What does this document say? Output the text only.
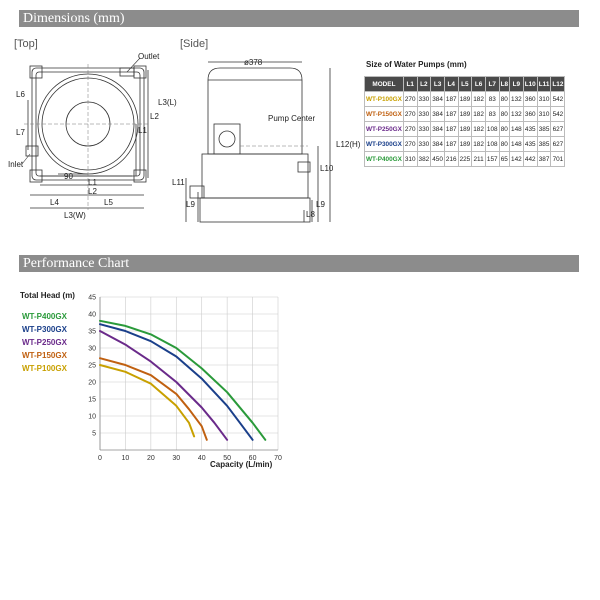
Dimensions (mm)
Performance Chart
[Top]	[Side]
Outlet
Inlet
L6
L7
L3(L)
L2
L1
90
L1
L2
L4	L5
L3(W)
ø378
Pump Center
L12(H)
L10
L11
L9	L9
L8
Size of Water Pumps (mm)
MODEL	L1	L2	L3	L4	L5	L6	L7	L8	L9	L10	L11	L12
WT-P100GX	270	330	384	187	189	182	83	80	132	360	310	542
WT-P150GX	270	330	384	187	189	182	83	80	132	360	310	542
WT-P250GX	270	330	384	187	189	182	108	80	148	435	385	627
WT-P300GX	270	330	384	187	189	182	108	80	148	435	385	627
WT-P400GX	310	382	450	216	225	211	157	65	142	442	387	701
Total Head (m)
Capacity (L/min)
WT-P400GX
WT-P300GX
WT-P250GX
WT-P150GX
WT-P100GX
0	10	20	30	40	50	60	70
5
10
15
20
25
30
35
40
45
